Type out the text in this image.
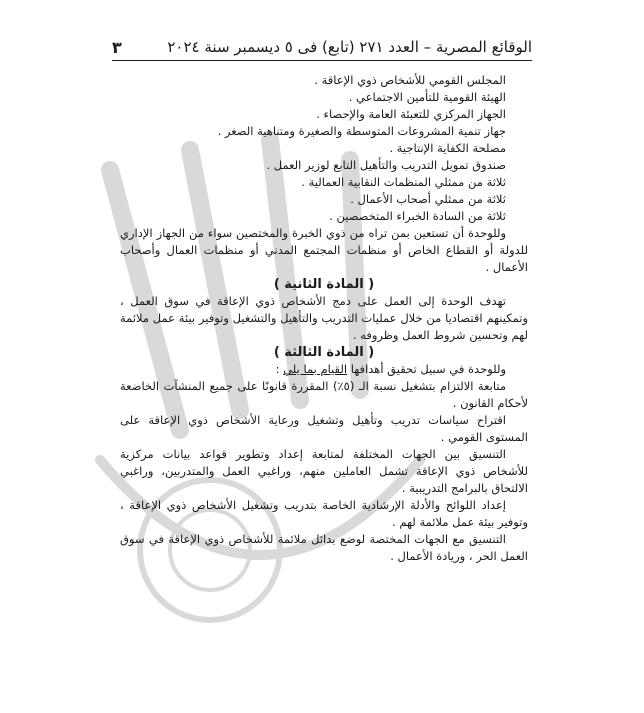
٣	الوقائع المصرية – العدد ٢٧١ (تابع) فى ٥ ديسمبر سنة ٢٠٢٤

المجلس القومي للأشخاص ذوي الإعاقة .

الهيئة القومية للتأمين الاجتماعي .

الجهاز المركزي للتعبئة العامة والإحصاء .

جهاز تنمية المشروعات المتوسطة والصغيرة ومتناهية الصغر .

مصلحة الكفاية الإنتاجية .

صندوق تمويل التدريب والتأهيل التابع لوزير العمل .

ثلاثة من ممثلي المنظمات النقابية العمالية .

ثلاثة من ممثلي أصحاب الأعمال .

ثلاثة من السادة الخبراء المتخصصين .

وللوحدة أن تستعين بمن تراه من ذوي الخبرة والمختصين سواء من الجهاز الإداري للدولة أو القطاع الخاص أو منظمات المجتمع المدني أو منظمات العمال وأصحاب الأعمال .

( المادة الثانية )

تهدف الوحدة إلى العمل على دمج الأشخاص ذوي الإعاقة في سوق العمل ، وتمكينهم اقتصاديا من خلال عمليات التدريب والتأهيل والتشغيل وتوفير بيئة عمل ملائمة لهم وتحسين شروط العمل وظروفه .

( المادة الثالثة )

وللوحدة في سبيل تحقيق أهدافها القيام بما يلي :

متابعة الالتزام بتشغيل نسبة الـ (٥٪) المقررة قانونًا على جميع المنشآت الخاضعة لأحكام القانون .

اقتراح سياسات تدريب وتأهيل وتشغيل ورعاية الأشخاص ذوي الإعاقة على المستوى القومي .

التنسيق بين الجهات المختلفة لمتابعة إعداد وتطوير قواعد بيانات مركزية للأشخاص ذوي الإعاقة تشمل العاملين منهم، وراغبي العمل والمتدربين، وراغبي الالتحاق بالبرامج التدريبية .

إعداد اللوائح والأدلة الإرشادية الخاصة بتدريب وتشغيل الأشخاص ذوي الإعاقة ، وتوفير بيئة عمل ملائمة لهم .

التنسيق مع الجهات المختصة لوضع بدائل ملائمة للأشخاص ذوي الإعاقة في سوق العمل الحر ، وريادة الأعمال .
